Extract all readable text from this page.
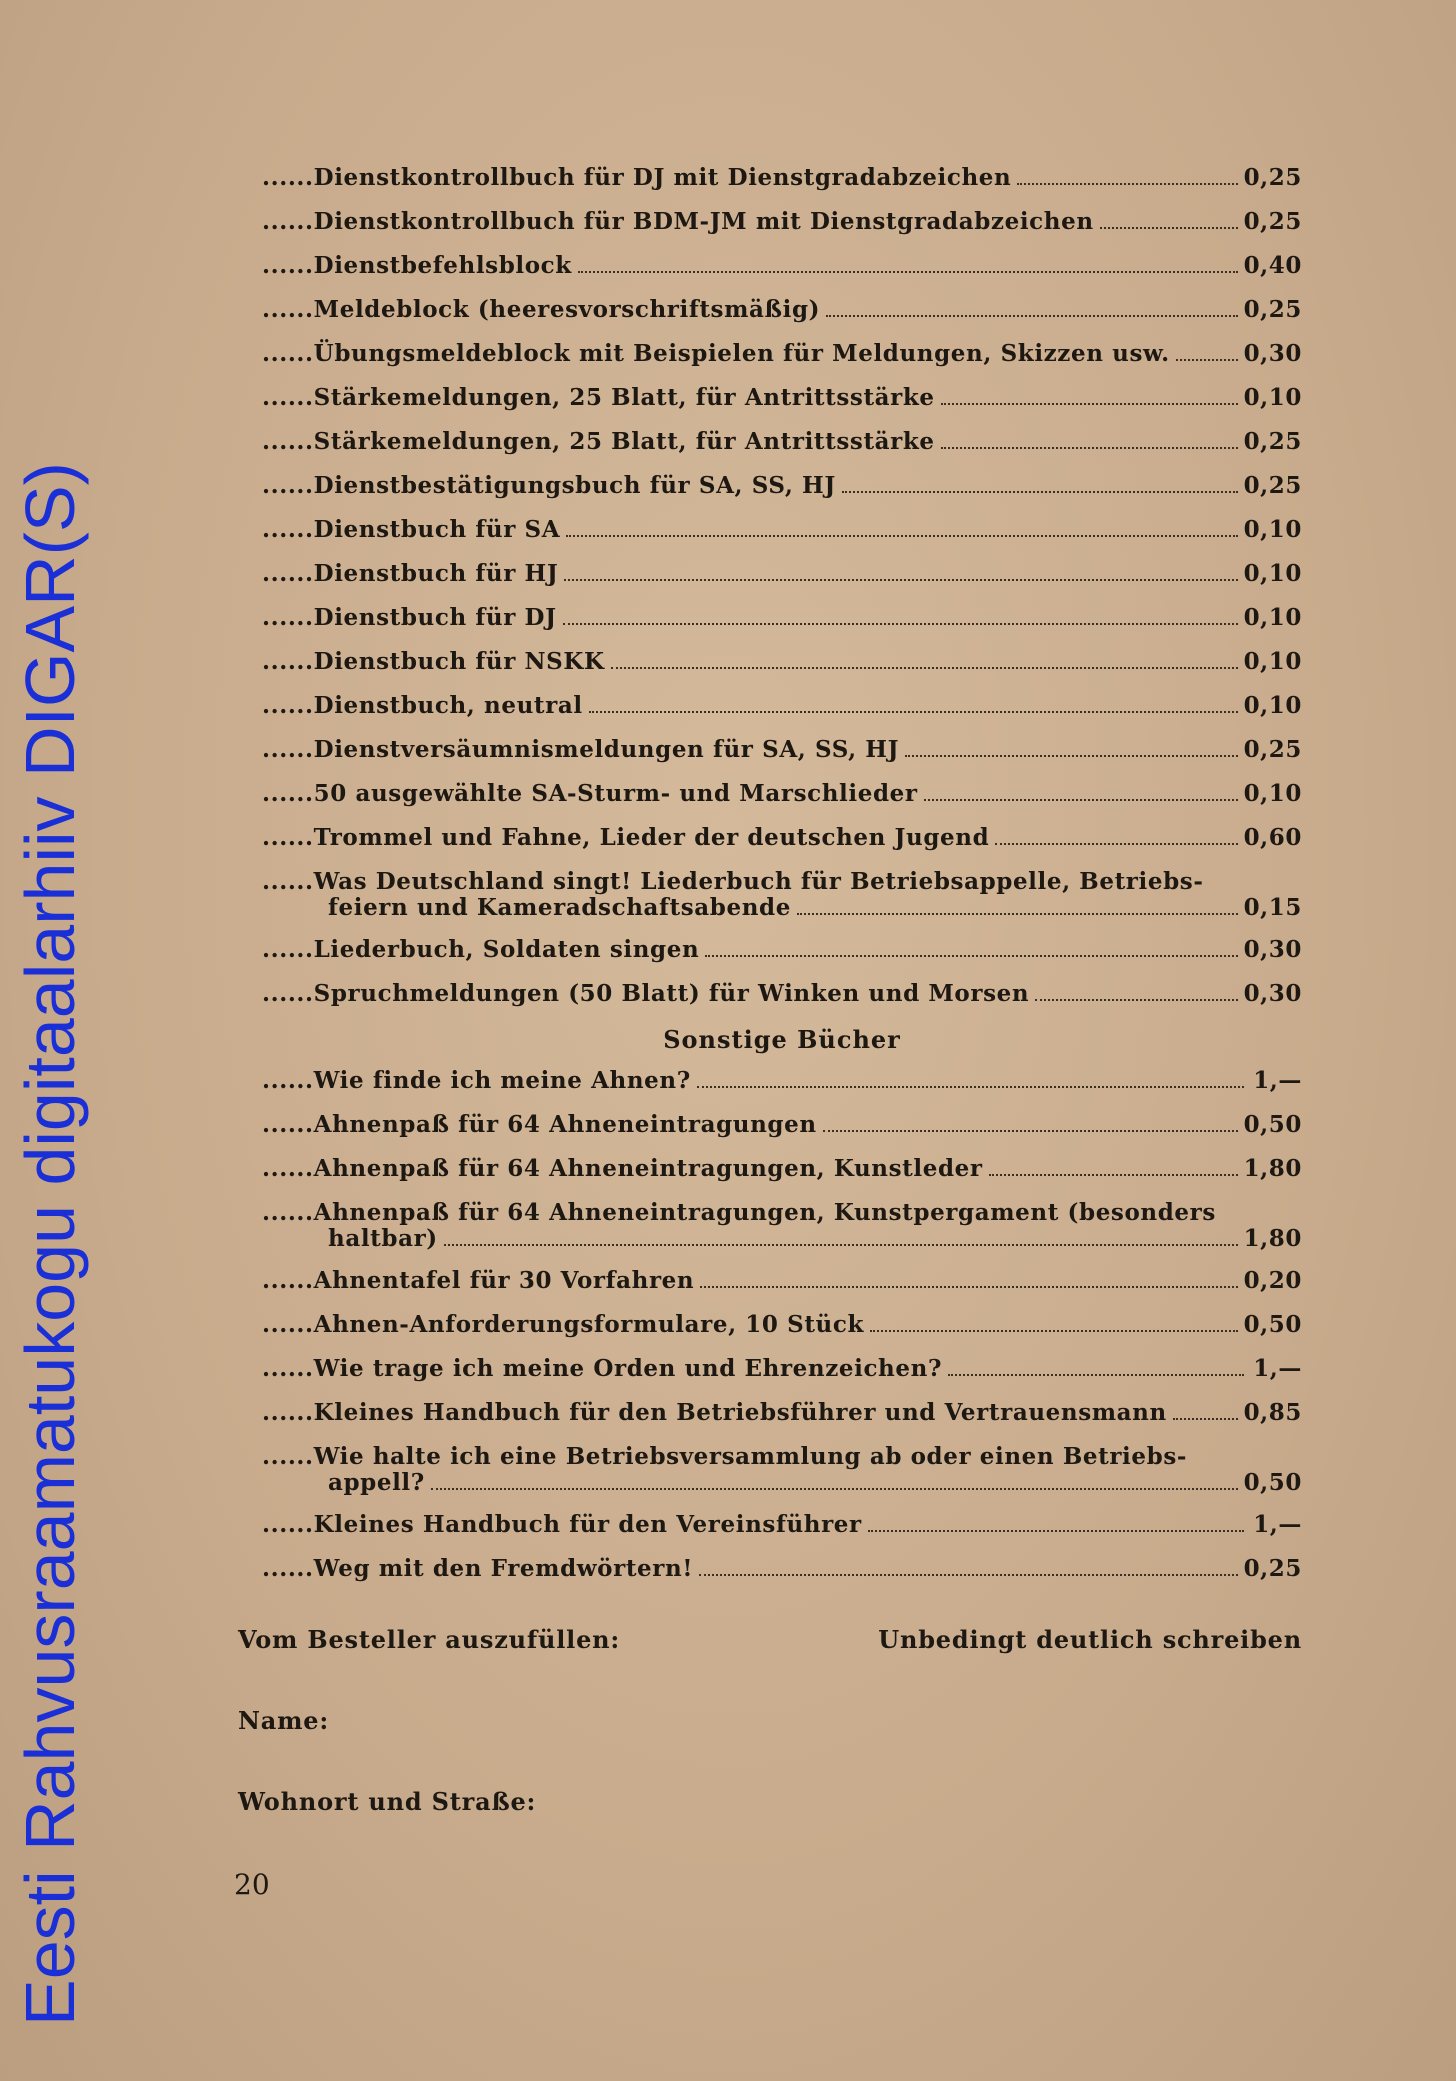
Eesti Rahvusraamatukogu digitaalarhiiv DIGAR(S)
...... Dienstkontrollbuch für DJ mit Dienstgradabzeichen	0,25
...... Dienstkontrollbuch für BDM-JM mit Dienstgradabzeichen	0,25
...... Dienstbefehlsblock	0,40
...... Meldeblock (heeresvorschriftsmäßig)	0,25
...... Übungsmeldeblock mit Beispielen für Meldungen, Skizzen usw.	0,30
...... Stärkemeldungen, 25 Blatt, für Antrittsstärke	0,10
...... Stärkemeldungen, 25 Blatt, für Antrittsstärke	0,25
...... Dienstbestätigungsbuch für SA, SS, HJ	0,25
...... Dienstbuch für SA	0,10
...... Dienstbuch für HJ	0,10
...... Dienstbuch für DJ	0,10
...... Dienstbuch für NSKK	0,10
...... Dienstbuch, neutral	0,10
...... Dienstversäumnismeldungen für SA, SS, HJ	0,25
...... 50 ausgewählte SA-Sturm- und Marschlieder	0,10
...... Trommel und Fahne, Lieder der deutschen Jugend	0,60
...... Was Deutschland singt! Liederbuch für Betriebsappelle, Betriebs-
feiern und Kameradschaftsabende	0,15
...... Liederbuch, Soldaten singen	0,30
...... Spruchmeldungen (50 Blatt) für Winken und Morsen	0,30
Sonstige Bücher
...... Wie finde ich meine Ahnen?	1,—
...... Ahnenpaß für 64 Ahneneintragungen	0,50
...... Ahnenpaß für 64 Ahneneintragungen, Kunstleder	1,80
...... Ahnenpaß für 64 Ahneneintragungen, Kunstpergament (besonders
haltbar)	1,80
...... Ahnentafel für 30 Vorfahren	0,20
...... Ahnen-Anforderungsformulare, 10 Stück	0,50
...... Wie trage ich meine Orden und Ehrenzeichen?	1,—
...... Kleines Handbuch für den Betriebsführer und Vertrauensmann	0,85
...... Wie halte ich eine Betriebsversammlung ab oder einen Betriebs-
appell?	0,50
...... Kleines Handbuch für den Vereinsführer	1,—
...... Weg mit den Fremdwörtern!	0,25
Vom Besteller auszufüllen:	Unbedingt deutlich schreiben
Name:
Wohnort und Straße:
20
